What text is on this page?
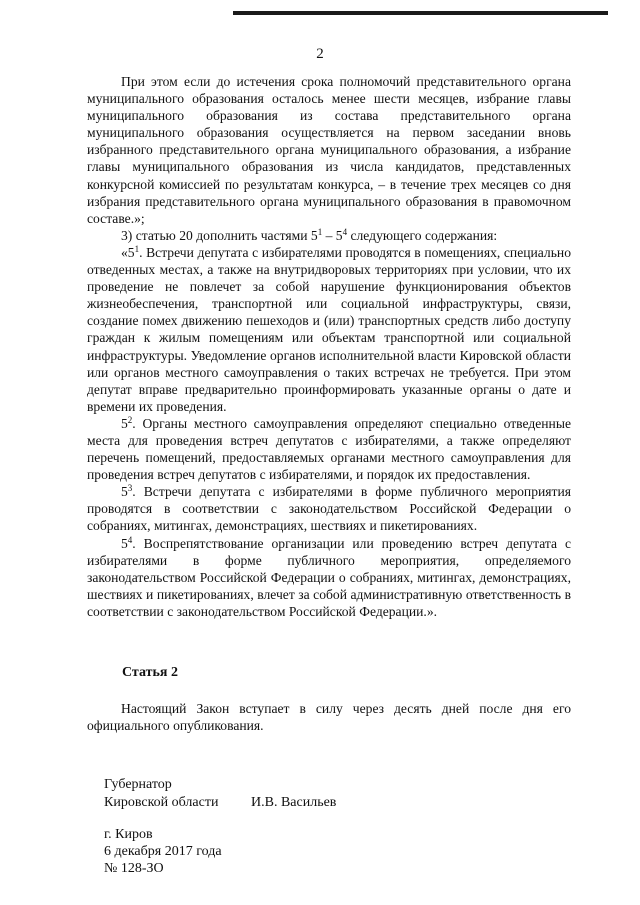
2

При этом если до истечения срока полномочий представительного органа муниципального образования осталось менее шести месяцев, избрание главы муниципального образования из состава представительного органа муниципального образования осуществляется на первом заседании вновь избранного представительного органа муниципального образования, а избрание главы муниципального образования из числа кандидатов, представленных конкурсной комиссией по результатам конкурса, – в течение трех месяцев со дня избрания представительного органа муниципального образования в правомочном составе.»;

3) статью 20 дополнить частями $5^1 - 5^4$ следующего содержания:

«$5^1$. Встречи депутата с избирателями проводятся в помещениях, специально отведенных местах, а также на внутридворовых территориях при условии, что их проведение не повлечет за собой нарушение функционирования объектов жизнеобеспечения, транспортной или социальной инфраструктуры, связи, создание помех движению пешеходов и (или) транспортных средств либо доступу граждан к жилым помещениям или объектам транспортной или социальной инфраструктуры. Уведомление органов исполнительной власти Кировской области или органов местного самоуправления о таких встречах не требуется. При этом депутат вправе предварительно проинформировать указанные органы о дате и времени их проведения.

$5^2$. Органы местного самоуправления определяют специально отведенные места для проведения встреч депутатов с избирателями, а также определяют перечень помещений, предоставляемых органами местного самоуправления для проведения встреч депутатов с избирателями, и порядок их предоставления.

$5^3$. Встречи депутата с избирателями в форме публичного мероприятия проводятся в соответствии с законодательством Российской Федерации о собраниях, митингах, демонстрациях, шествиях и пикетированиях.

$5^4$. Воспрепятствование организации или проведению встреч депутата с избирателями в форме публичного мероприятия, определяемого законодательством Российской Федерации о собраниях, митингах, демонстрациях, шествиях и пикетированиях, влечет за собой административную ответственность в соответствии с законодательством Российской Федерации.».

Статья 2

Настоящий Закон вступает в силу через десять дней после дня его официального опубликования.

Губернатор
Кировской области	И.В. Васильев
г. Киров
6 декабря 2017 года
№ 128-ЗО
